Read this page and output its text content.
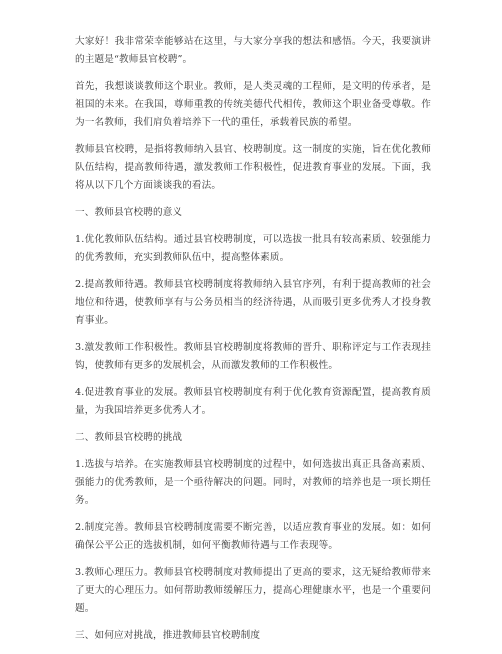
大家好！我非常荣幸能够站在这里，与大家分享我的想法和感悟。今天，我要演讲的主题是“教师县官校聘”。

首先，我想谈谈教师这个职业。教师，是人类灵魂的工程师，是文明的传承者，是祖国的未来。在我国，尊师重教的传统美德代代相传，教师这个职业备受尊敬。作为一名教师，我们肩负着培养下一代的重任，承载着民族的希望。

教师县官校聘，是指将教师纳入县官、校聘制度。这一制度的实施，旨在优化教师队伍结构，提高教师待遇，激发教师工作积极性，促进教育事业的发展。下面，我将从以下几个方面谈谈我的看法。

一、教师县官校聘的意义

1.优化教师队伍结构。通过县官校聘制度，可以选拔一批具有较高素质、较强能力的优秀教师，充实到教师队伍中，提高整体素质。

2.提高教师待遇。教师县官校聘制度将教师纳入县官序列，有利于提高教师的社会地位和待遇，使教师享有与公务员相当的经济待遇，从而吸引更多优秀人才投身教育事业。

3.激发教师工作积极性。教师县官校聘制度将教师的晋升、职称评定与工作表现挂钩，使教师有更多的发展机会，从而激发教师的工作积极性。

4.促进教育事业的发展。教师县官校聘制度有利于优化教育资源配置，提高教育质量，为我国培养更多优秀人才。

二、教师县官校聘的挑战

1.选拔与培养。在实施教师县官校聘制度的过程中，如何选拔出真正具备高素质、强能力的优秀教师，是一个亟待解决的问题。同时，对教师的培养也是一项长期任务。

2.制度完善。教师县官校聘制度需要不断完善，以适应教育事业的发展。如：如何确保公平公正的选拔机制，如何平衡教师待遇与工作表现等。

3.教师心理压力。教师县官校聘制度对教师提出了更高的要求，这无疑给教师带来了更大的心理压力。如何帮助教师缓解压力，提高心理健康水平，也是一个重要问题。

三、如何应对挑战，推进教师县官校聘制度
